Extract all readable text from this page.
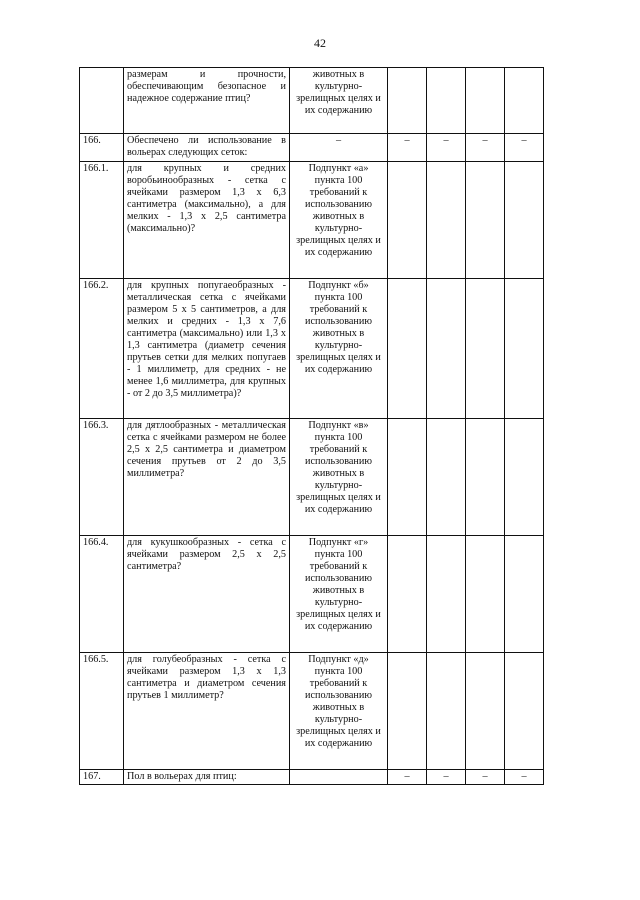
42
	размерам и прочности, обеспечивающим безопасное и надежное содержание птиц?	животных в культурно-зрелищных целях и их содержанию				
166.	Обеспечено ли использование в вольерах следующих сеток:	–	–	–	–	–
166.1.	для крупных и средних воробьинообразных - сетка с ячейками размером 1,3 х 6,3 сантиметра (максимально), а для мелких - 1,3 х 2,5 сантиметра (максимально)?	Подпункт «а» пункта 100 требований к использованию животных в культурно-зрелищных целях и их содержанию				
166.2.	для крупных попугаеобразных - металлическая сетка с ячейками размером 5 х 5 сантиметров, а для мелких и средних - 1,3 х 7,6 сантиметра (максимально) или 1,3 х 1,3 сантиметра (диаметр сечения прутьев сетки для мелких попугаев - 1 миллиметр, для средних - не менее 1,6 миллиметра, для крупных - от 2 до 3,5 миллиметра)?	Подпункт «б» пункта 100 требований к использованию животных в культурно-зрелищных целях и их содержанию				
166.3.	для дятлообразных - металлическая сетка с ячейками размером не более 2,5 х 2,5 сантиметра и диаметром сечения прутьев от 2 до 3,5 миллиметра?	Подпункт «в» пункта 100 требований к использованию животных в культурно-зрелищных целях и их содержанию				
166.4.	для кукушкообразных - сетка с ячейками размером 2,5 х 2,5 сантиметра?	Подпункт «г» пункта 100 требований к использованию животных в культурно-зрелищных целях и их содержанию				
166.5.	для голубеобразных - сетка с ячейками размером 1,3 х 1,3 сантиметра и диаметром сечения прутьев 1 миллиметр?	Подпункт «д» пункта 100 требований к использованию животных в культурно-зрелищных целях и их содержанию				
167.	Пол в вольерах для птиц:		–	–	–	–
